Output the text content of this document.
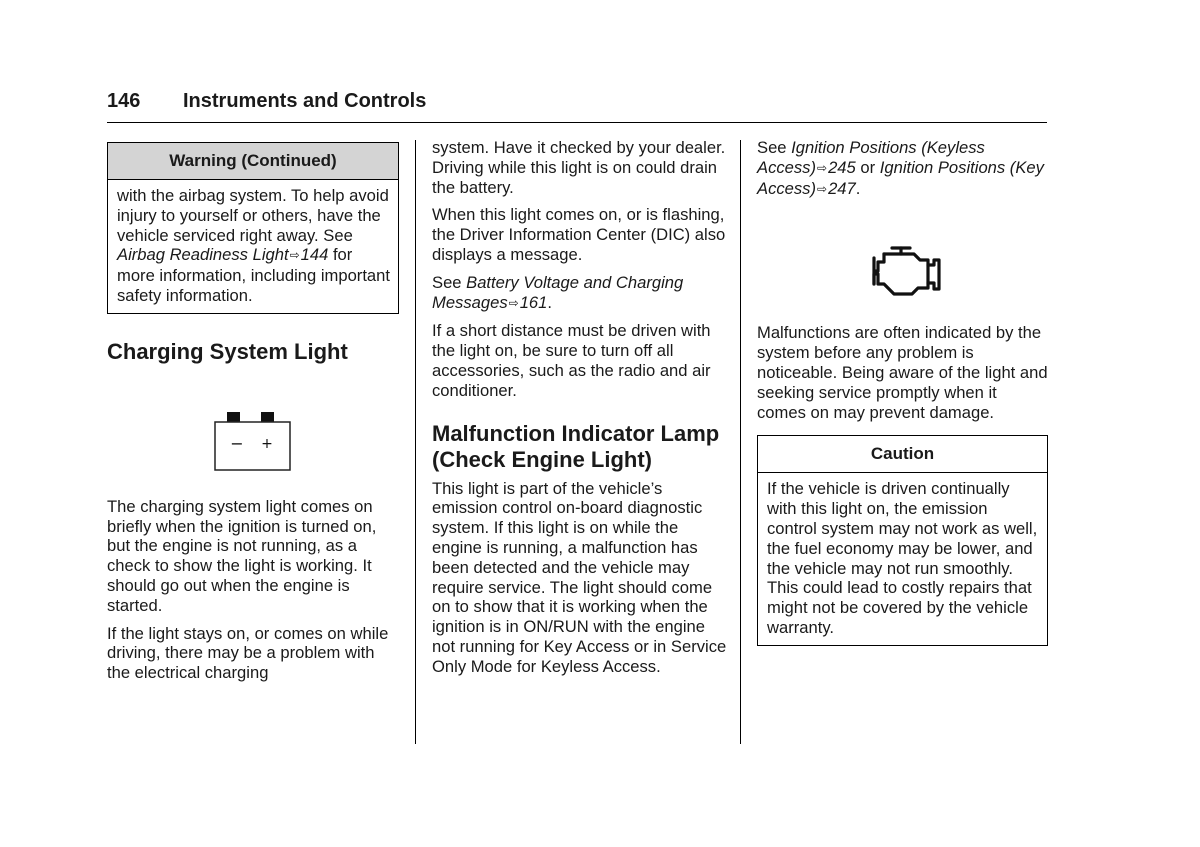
146 Instruments and Controls
Warning (Continued)
with the airbag system. To help avoid injury to yourself or others, have the vehicle serviced right away. See Airbag Readiness Light⇨144 for more information, including important safety information.
Charging System Light
− +

The charging system light comes on briefly when the ignition is turned on, but the engine is not running, as a check to show the light is working. It should go out when the engine is started.

If the light stays on, or comes on while driving, there may be a problem with the electrical charging

system. Have it checked by your dealer. Driving while this light is on could drain the battery.

When this light comes on, or is flashing, the Driver Information Center (DIC) also displays a message.

See Battery Voltage and Charging Messages⇨161.

If a short distance must be driven with the light on, be sure to turn off all accessories, such as the radio and air conditioner.

Malfunction Indicator Lamp (Check Engine Light)

This light is part of the vehicle’s emission control on-board diagnostic system. If this light is on while the engine is running, a malfunction has been detected and the vehicle may require service. The light should come on to show that it is working when the ignition is in ON/RUN with the engine not running for Key Access or in Service Only Mode for Keyless Access.

See Ignition Positions (Keyless Access)⇨245 or Ignition Positions (Key Access)⇨247.

Malfunctions are often indicated by the system before any problem is noticeable. Being aware of the light and seeking service promptly when it comes on may prevent damage.

Caution
If the vehicle is driven continually with this light on, the emission control system may not work as well, the fuel economy may be lower, and the vehicle may not run smoothly. This could lead to costly repairs that might not be covered by the vehicle warranty.
